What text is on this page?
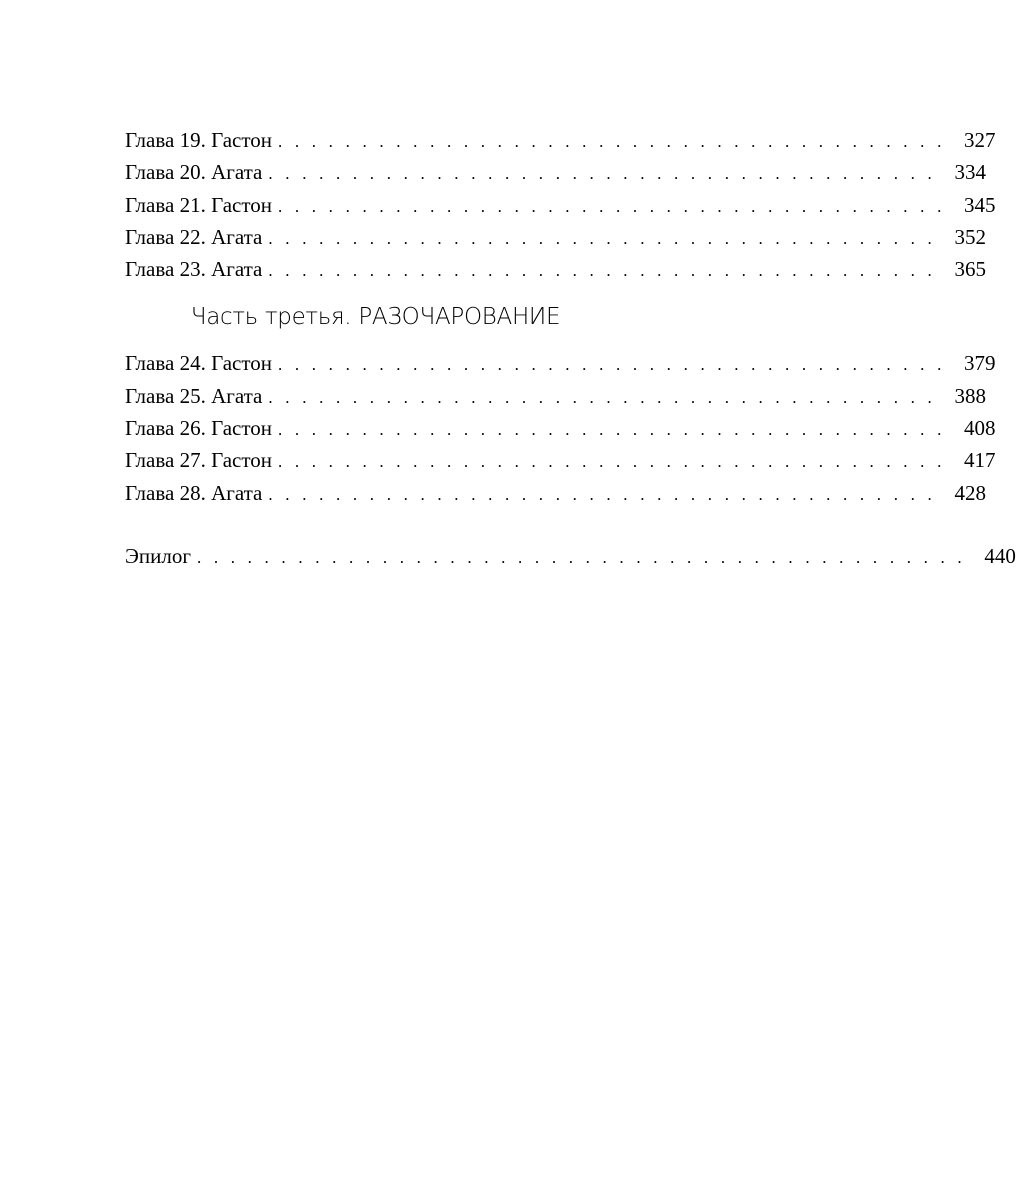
Глава 19. Гастон . . . . . . . . . . . . . . . . . . . . . . . . . . . . . . . . . . . . . . . . 327
Глава 20. Агата . . . . . . . . . . . . . . . . . . . . . . . . . . . . . . . . . . . . . . . . 334
Глава 21. Гастон . . . . . . . . . . . . . . . . . . . . . . . . . . . . . . . . . . . . . . . . 345
Глава 22. Агата . . . . . . . . . . . . . . . . . . . . . . . . . . . . . . . . . . . . . . . . 352
Глава 23. Агата . . . . . . . . . . . . . . . . . . . . . . . . . . . . . . . . . . . . . . . . 365
Часть третья. РАЗОЧАРОВАНИЕ
Глава 24. Гастон . . . . . . . . . . . . . . . . . . . . . . . . . . . . . . . . . . . . . . . . 379
Глава 25. Агата . . . . . . . . . . . . . . . . . . . . . . . . . . . . . . . . . . . . . . . . 388
Глава 26. Гастон . . . . . . . . . . . . . . . . . . . . . . . . . . . . . . . . . . . . . . . . 408
Глава 27. Гастон . . . . . . . . . . . . . . . . . . . . . . . . . . . . . . . . . . . . . . . . 417
Глава 28. Агата . . . . . . . . . . . . . . . . . . . . . . . . . . . . . . . . . . . . . . . . 428
Эпилог . . . . . . . . . . . . . . . . . . . . . . . . . . . . . . . . . . . . . . . . . . . . . . 440
